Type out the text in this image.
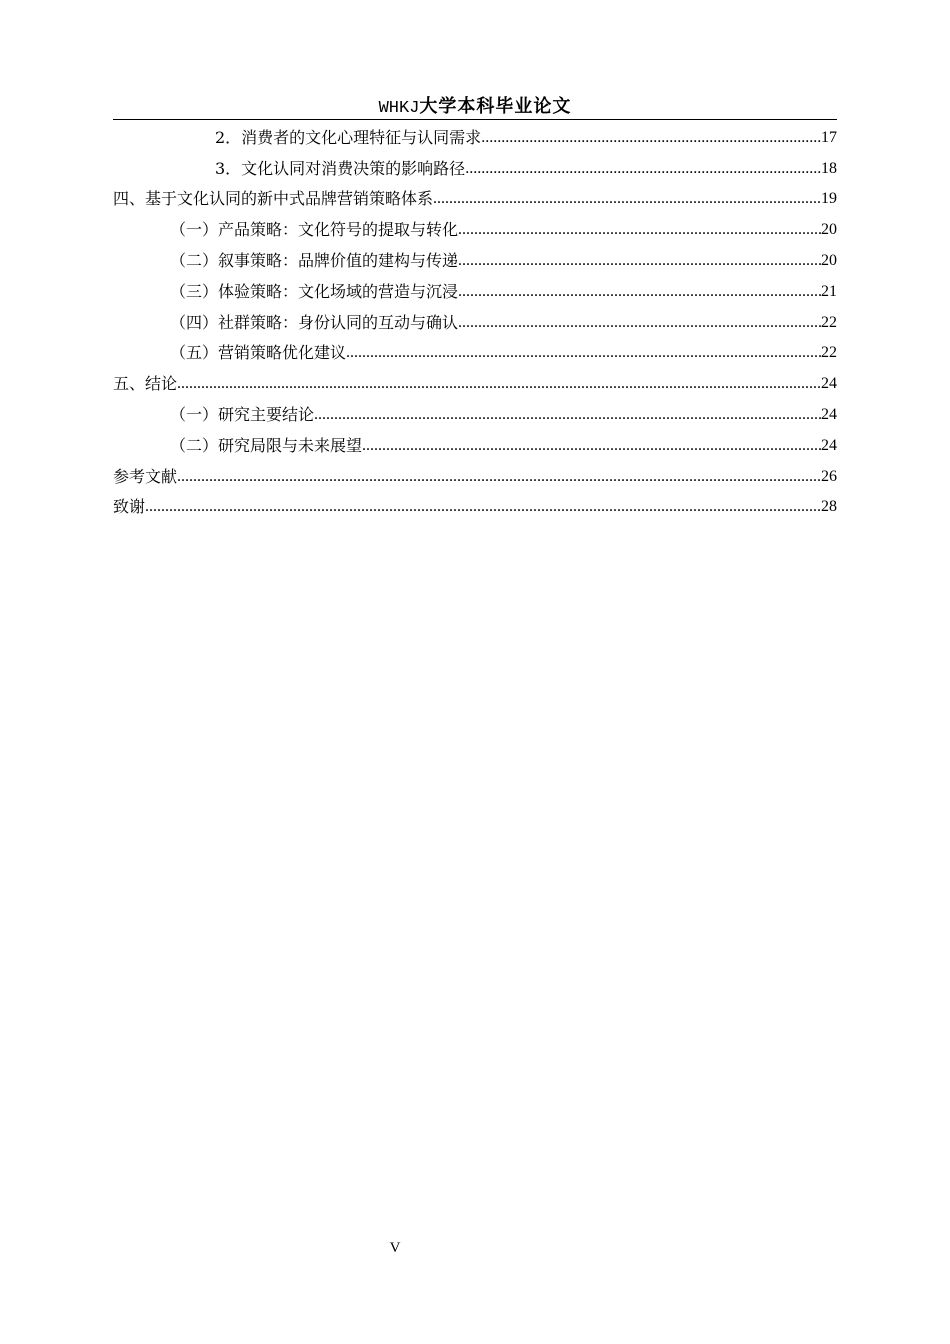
WHKJ大学本科毕业论文
2．消费者的文化心理特征与认同需求 .....	17
3．文化认同对消费决策的影响路径 .....	18
四、基于文化认同的新中式品牌营销策略体系 .....	19
（一）产品策略：文化符号的提取与转化 .....	20
（二）叙事策略：品牌价值的建构与传递 .....	20
（三）体验策略：文化场域的营造与沉浸 .....	21
（四）社群策略：身份认同的互动与确认 .....	22
（五）营销策略优化建议 .....	22
五、结论 .....	24
（一）研究主要结论 .....	24
（二）研究局限与未来展望 .....	24
参考文献 .....	26
致谢 .....	28
V
